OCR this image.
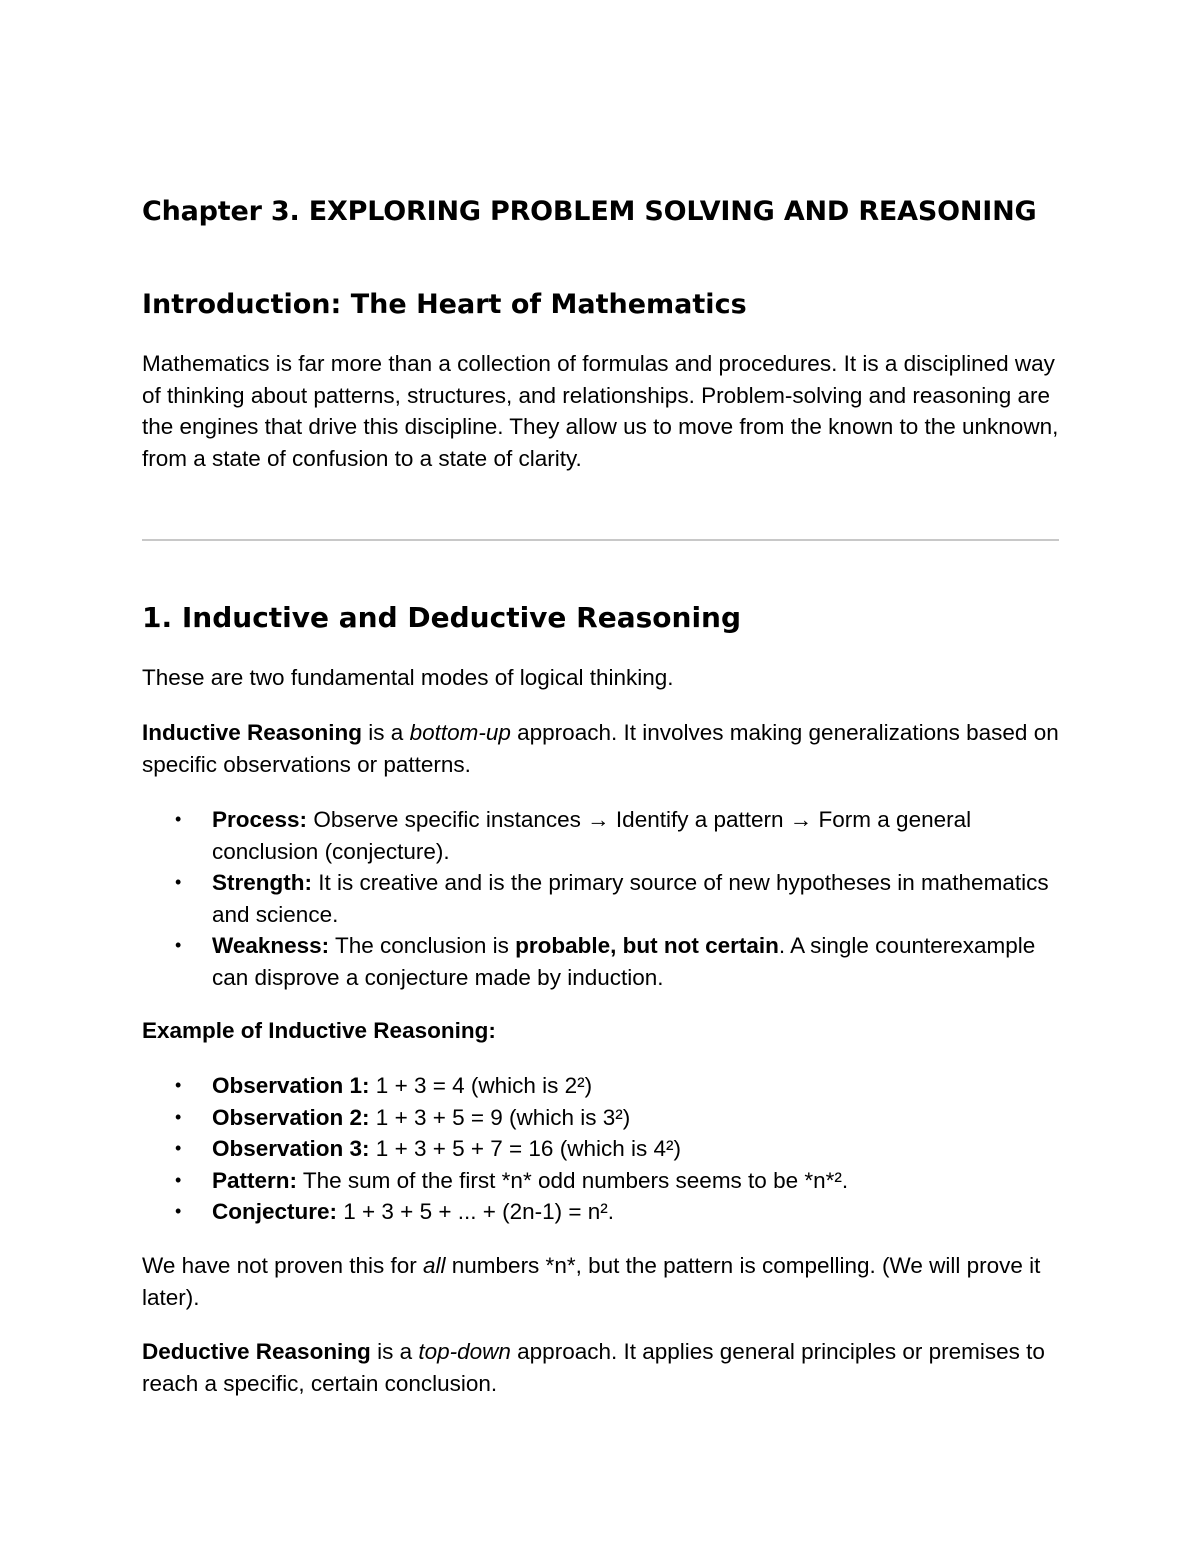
Chapter 3. EXPLORING PROBLEM SOLVING AND REASONING
Introduction: The Heart of Mathematics

Mathematics is far more than a collection of formulas and procedures. It is a disciplined way of thinking about patterns, structures, and relationships. Problem-solving and reasoning are the engines that drive this discipline. They allow us to move from the known to the unknown, from a state of confusion to a state of clarity.

1. Inductive and Deductive Reasoning

These are two fundamental modes of logical thinking.

Inductive Reasoning is a bottom-up approach. It involves making generalizations based on specific observations or patterns.

• Process: Observe specific instances → Identify a pattern → Form a general conclusion (conjecture).
• Strength: It is creative and is the primary source of new hypotheses in mathematics and science.
• Weakness: The conclusion is probable, but not certain. A single counterexample can disprove a conjecture made by induction.

Example of Inductive Reasoning:

• Observation 1: 1 + 3 = 4 (which is 2²)
• Observation 2: 1 + 3 + 5 = 9 (which is 3²)
• Observation 3: 1 + 3 + 5 + 7 = 16 (which is 4²)
• Pattern: The sum of the first *n* odd numbers seems to be *n*².
• Conjecture: 1 + 3 + 5 + ... + (2n-1) = n².

We have not proven this for all numbers *n*, but the pattern is compelling. (We will prove it later).

Deductive Reasoning is a top-down approach. It applies general principles or premises to reach a specific, certain conclusion.
